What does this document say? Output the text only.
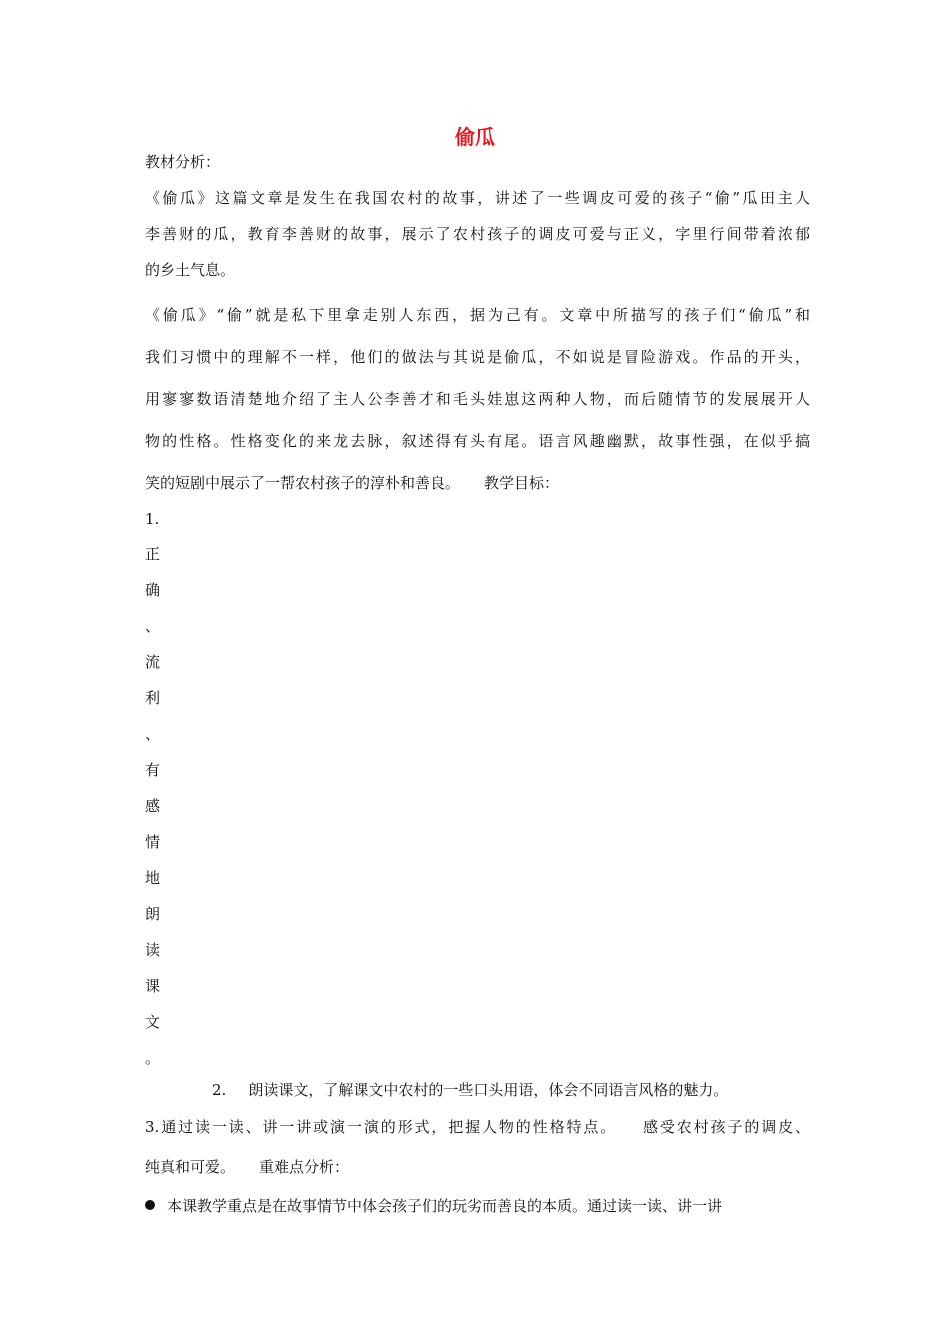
偷瓜
教材分析：
《偷瓜》这篇文章是发生在我国农村的故事，讲述了一些调皮可爱的孩子“偷”瓜田主人
李善财的瓜，教育李善财的故事，展示了农村孩子的调皮可爱与正义，字里行间带着浓郁
的乡土气息。
《偷瓜》“偷”就是私下里拿走别人东西，据为己有。文章中所描写的孩子们“偷瓜”和
我们习惯中的理解不一样，他们的做法与其说是偷瓜，不如说是冒险游戏。作品的开头，
用寥寥数语清楚地介绍了主人公李善才和毛头娃崽这两种人物，而后随情节的发展展开人
物的性格。性格变化的来龙去脉，叙述得有头有尾。语言风趣幽默，故事性强，在似乎搞
笑的短剧中展示了一帮农村孩子的淳朴和善良。 教学目标：
1.
正
确
、
流
利
、
有
感
情
地
朗
读
课
文
。
2. 朗读课文，了解课文中农村的一些口头用语，体会不同语言风格的魅力。
3.通过读一读、讲一讲或演一演的形式，把握人物的性格特点。 感受农村孩子的调皮、
纯真和可爱。 重难点分析：
本课教学重点是在故事情节中体会孩子们的玩劣而善良的本质。通过读一读、讲一讲
